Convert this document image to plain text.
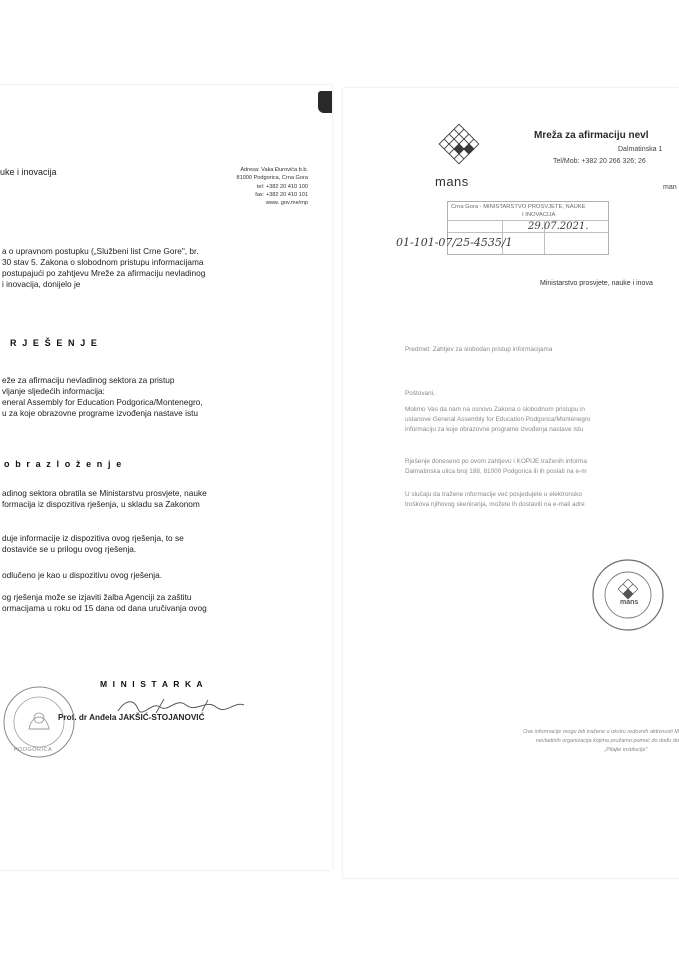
uke i inovacija	Adresa: Vaka Đurovića b.b.
81000 Podgorica, Crna Gora
tel: +382 20 410 100
fax: +382 20 410 101
www. gov.me/mp
a o upravnom postupku („Službeni list Crne Gore", br.
30 stav 5. Zakona o slobodnom pristupu informacijama
postupajući po zahtjevu Mreže za afirmaciju nevladinog
i inovacija, donijelo je
R J E Š E N J E
eže za afirmaciju nevladinog sektora za pristup
vljanje sljedećih informacija:
eneral Assembly for Education Podgorica/Montenegro,
u za koje obrazovne programe izvođenja nastave istu
o b r a z l o ž e n j e
adinog sektora obratila se Ministarstvu prosvjete, nauke
formacija iz dispozitiva rješenja, u skladu sa Zakonom
duje informacije iz dispozitiva ovog rješenja, to se
dostaviće se u prilogu ovog rješenja.
odlučeno je kao u dispozitivu ovog rješenja.
og rješenja može se izjaviti žalba Agenciji za zaštitu
ormacijama u roku od 15 dana od dana uručivanja ovog
M I N I S T A R K A
Prof. dr Anđela JAKŠIĆ-STOJANOVIĆ
PODGORICA
mans
Mreža za afirmaciju nevl
Dalmatinska 1
Tel/Mob: +382 20 266 326; 26
man
Crna Gora - MINISTARSTVO PROSVJETE, NAUKE
I INOVACIJA
29.07.2021.
01-101-07/25-4535/1
Ministarstvo prosvjete, nauke i inova
Predmet: Zahtjev za slobodan pristup informacijama
Poštovani,
Molimo Vas da nam na osnovu Zakona o slobodnom pristupu in
ustanove General Assembly for Education Podgorica/Montenegro
informaciju za koje obrazovne programe izvođenja nastave istu
Rješenje doneseno po ovom zahtjevu i KOPIJE traženih informa
Dalmatinska ulica broj 188, 81000 Podgorica ili ih poslati na e-m
U slučaju da tražene informacije već posjedujete u elektronsko
troškova njihovog skeniranja, možete ih dostaviti na e-mail adre
mans
Ove informacije mogu biti tražene u okviru redovnih aktivnosti M
nevladinih organizacija kojima pružamo pomoć do dođu do
„Pitajte institucije".
